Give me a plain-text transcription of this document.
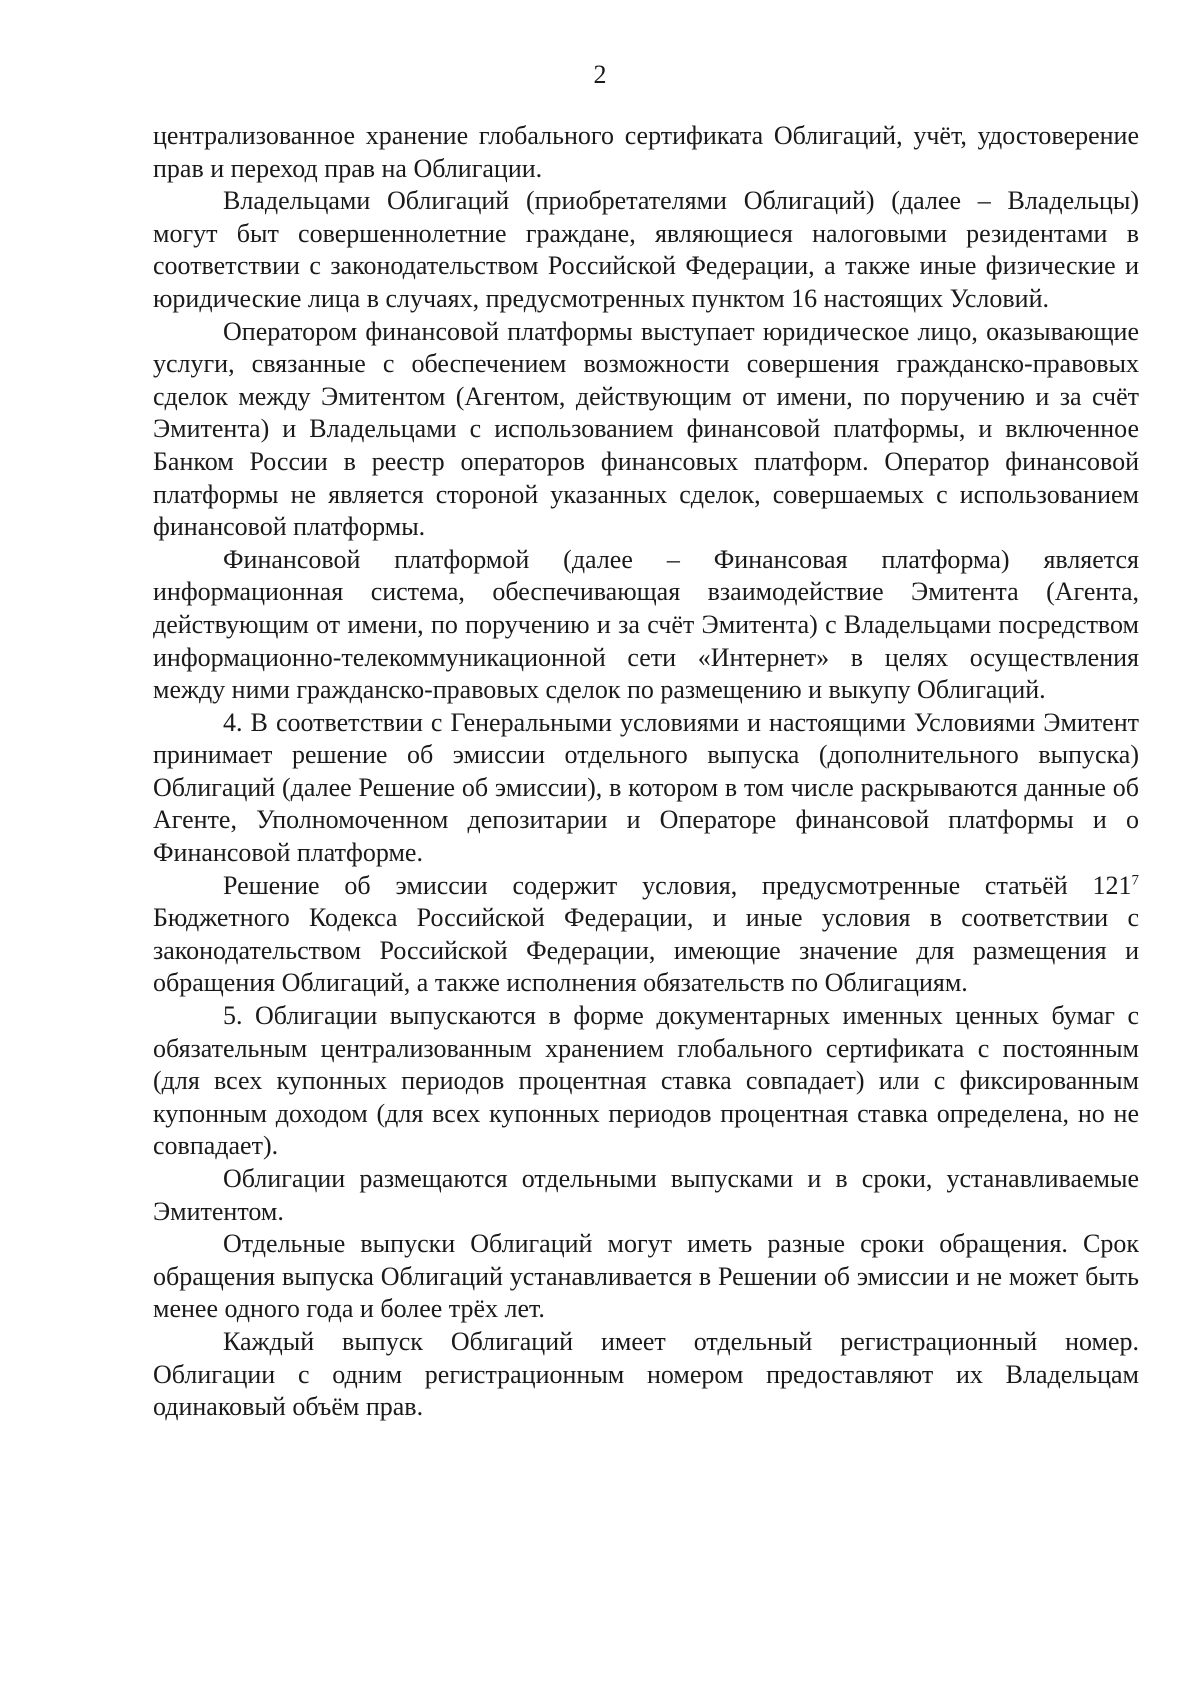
2

централизованное хранение глобального сертификата Облигаций, учёт, удостоверение прав и переход прав на Облигации.

Владельцами Облигаций (приобретателями Облигаций) (далее – Владельцы) могут быт совершеннолетние граждане, являющиеся налоговыми резидентами в соответствии с законодательством Российской Федерации, а также иные физические и юридические лица в случаях, предусмотренных пунктом 16 настоящих Условий.

Оператором финансовой платформы выступает юридическое лицо, оказывающие услуги, связанные с обеспечением возможности совершения гражданско-правовых сделок между Эмитентом (Агентом, действующим от имени, по поручению и за счёт Эмитента) и Владельцами с использованием финансовой платформы, и включенное Банком России в реестр операторов финансовых платформ. Оператор финансовой платформы не является стороной указанных сделок, совершаемых с использованием финансовой платформы.

Финансовой платформой (далее – Финансовая платформа) является информационная система, обеспечивающая взаимодействие Эмитента (Агента, действующим от имени, по поручению и за счёт Эмитента) с Владельцами посредством информационно-телекоммуникационной сети «Интернет» в целях осуществления между ними гражданско-правовых сделок по размещению и выкупу Облигаций.

4. В соответствии с Генеральными условиями и настоящими Условиями Эмитент принимает решение об эмиссии отдельного выпуска (дополнительного выпуска) Облигаций (далее Решение об эмиссии), в котором в том числе раскрываются данные об Агенте, Уполномоченном депозитарии и Операторе финансовой платформы и о Финансовой платформе.

Решение об эмиссии содержит условия, предусмотренные статьёй $121^7$ Бюджетного Кодекса Российской Федерации, и иные условия в соответствии с законодательством Российской Федерации, имеющие значение для размещения и обращения Облигаций, а также исполнения обязательств по Облигациям.

5. Облигации выпускаются в форме документарных именных ценных бумаг с обязательным централизованным хранением глобального сертификата с постоянным (для всех купонных периодов процентная ставка совпадает) или с фиксированным купонным доходом (для всех купонных периодов процентная ставка определена, но не совпадает).

Облигации размещаются отдельными выпусками и в сроки, устанавливаемые Эмитентом.

Отдельные выпуски Облигаций могут иметь разные сроки обращения. Срок обращения выпуска Облигаций устанавливается в Решении об эмиссии и не может быть менее одного года и более трёх лет.

Каждый выпуск Облигаций имеет отдельный регистрационный номер. Облигации с одним регистрационным номером предоставляют их Владельцам одинаковый объём прав.
